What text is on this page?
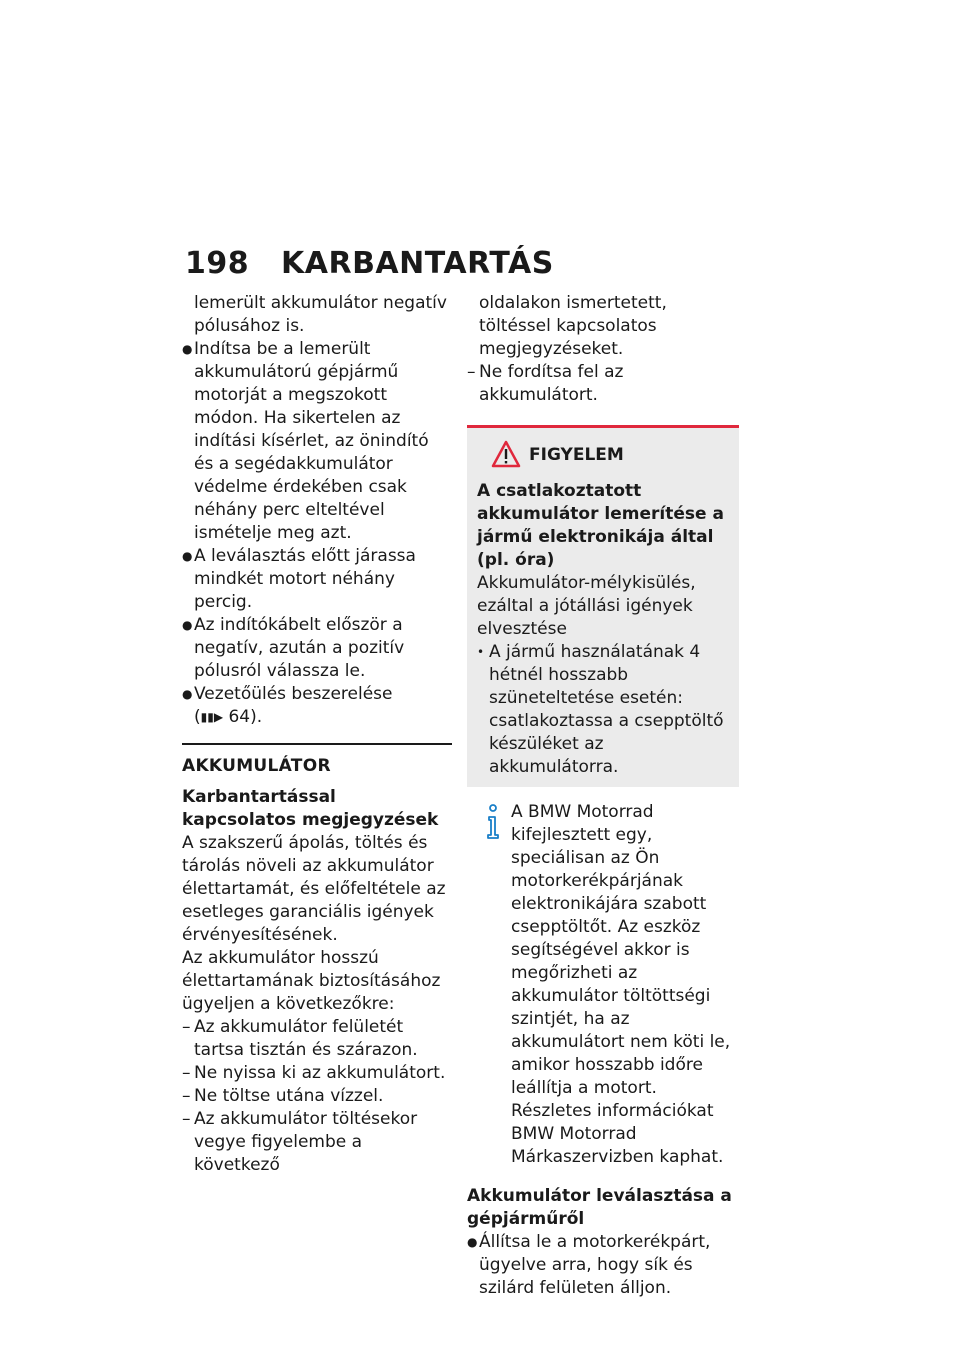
198 KARBANTARTÁS

lemerült akkumulátor negatív pólusához is.

● Indítsa be a lemerült akkumulátorú gépjármű motorját a megszokott módon. Ha sikertelen az indítási kísérlet, az önindító és a segédakkumulátor védelme érdekében csak néhány perc elteltével ismételje meg azt.

● A leválasztás előtt járassa mindkét motort néhány percig.

● Az indítókábelt először a negatív, azután a pozitív pólusról válassza le.

● Vezetőülés beszerelése
(▮▮▶ 64).

AKKUMULÁTOR
Karbantartással kapcsolatos megjegyzések

A szakszerű ápolás, töltés és tárolás növeli az akkumulátor élettartamát, és előfeltétele az esetleges garanciális igények érvényesítésének.

Az akkumulátor hosszú élettartamának biztosításához ügyeljen a következőkre:

– Az akkumulátor felületét tartsa tisztán és szárazon.

– Ne nyissa ki az akkumulátort.

– Ne töltse utána vízzel.

– Az akkumulátor töltésekor vegye figyelembe a következő

oldalakon ismertetett, töltéssel kapcsolatos megjegyzéseket.

– Ne fordítsa fel az akkumulátort.

FIGYELEM

A csatlakoztatott akkumulátor lemerítése a jármű elektronikája által (pl. óra)

Akkumulátor-mélykisülés, ezáltal a jótállási igények elvesztése

• A jármű használatának 4 hétnél hosszabb szüneteltetése esetén: csatlakoztassa a csepptöltő készüléket az akkumulátorra.

A BMW Motorrad kifejlesztett egy, speciálisan az Ön motorkerékpárjának elektronikájára szabott csepptöltőt. Az eszköz segítségével akkor is megőrizheti az akkumulátor töltöttségi szintjét, ha az akkumulátort nem köti le, amikor hosszabb időre leállítja a motort. Részletes információkat BMW Motorrad Márkaszervizben kaphat.

Akkumulátor leválasztása a gépjárműről

● Állítsa le a motorkerékpárt, ügyelve arra, hogy sík és szilárd felületen álljon.
